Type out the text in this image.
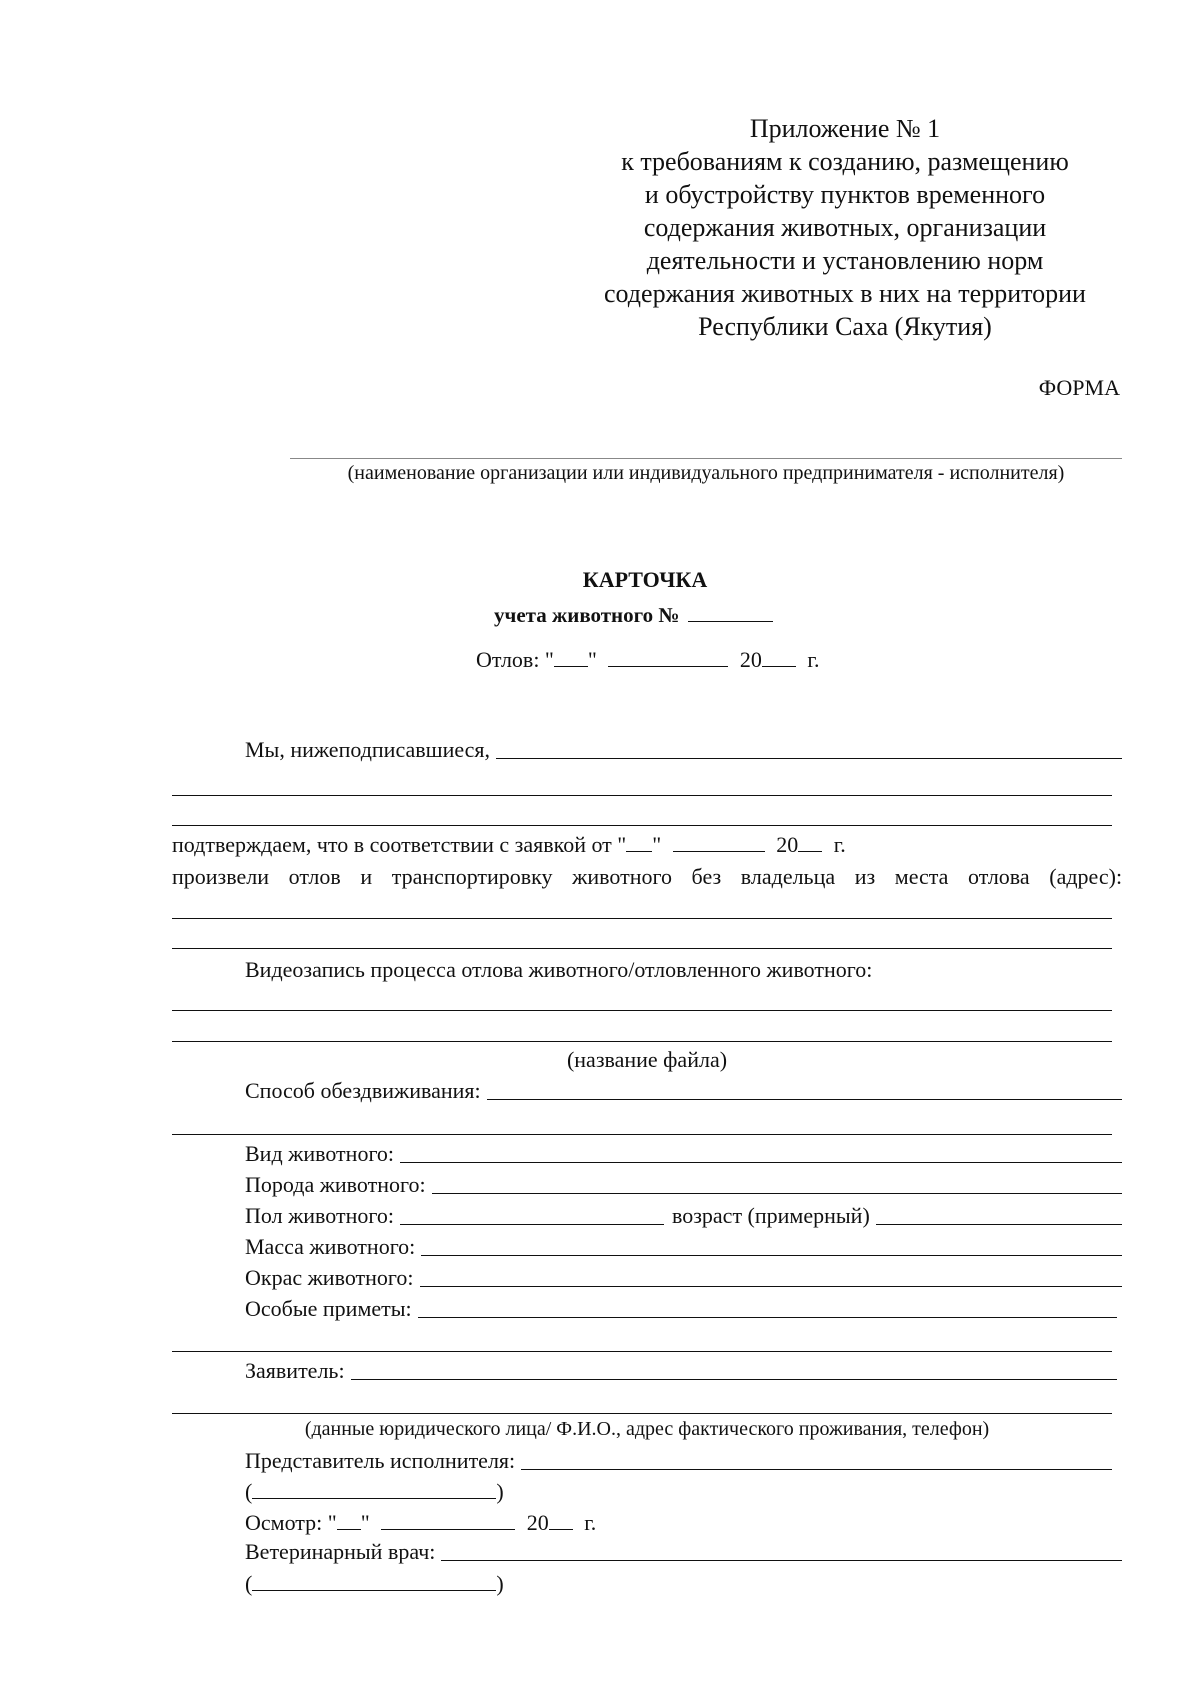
Приложение № 1
к требованиям к созданию, размещению
и обустройству пунктов временного
содержания животных, организации
деятельности и установлению норм
содержания животных в них на территории
Республики Саха (Якутия)
ФОРМА
(наименование организации или индивидуального предпринимателя - исполнителя)
КАРТОЧКА
учета животного №
Отлов: " "	20 г.
Мы, нижеподписавшиеся,
подтверждаем, что в соответствии с заявкой от " "	20 г.
произвели отлов и транспортировку животного без владельца из места отлова (адрес):
Видеозапись процесса отлова животного/отловленного животного:
(название файла)
Способ обездвиживания:
Вид животного:
Порода животного:
Пол животного:	возраст (примерный)
Масса животного:
Окрас животного:
Особые приметы:
Заявитель:
(данные юридического лица/ Ф.И.О., адрес фактического проживания, телефон)
Представитель исполнителя:
(	)
Осмотр: " "	20 г.
Ветеринарный врач:
(	)
